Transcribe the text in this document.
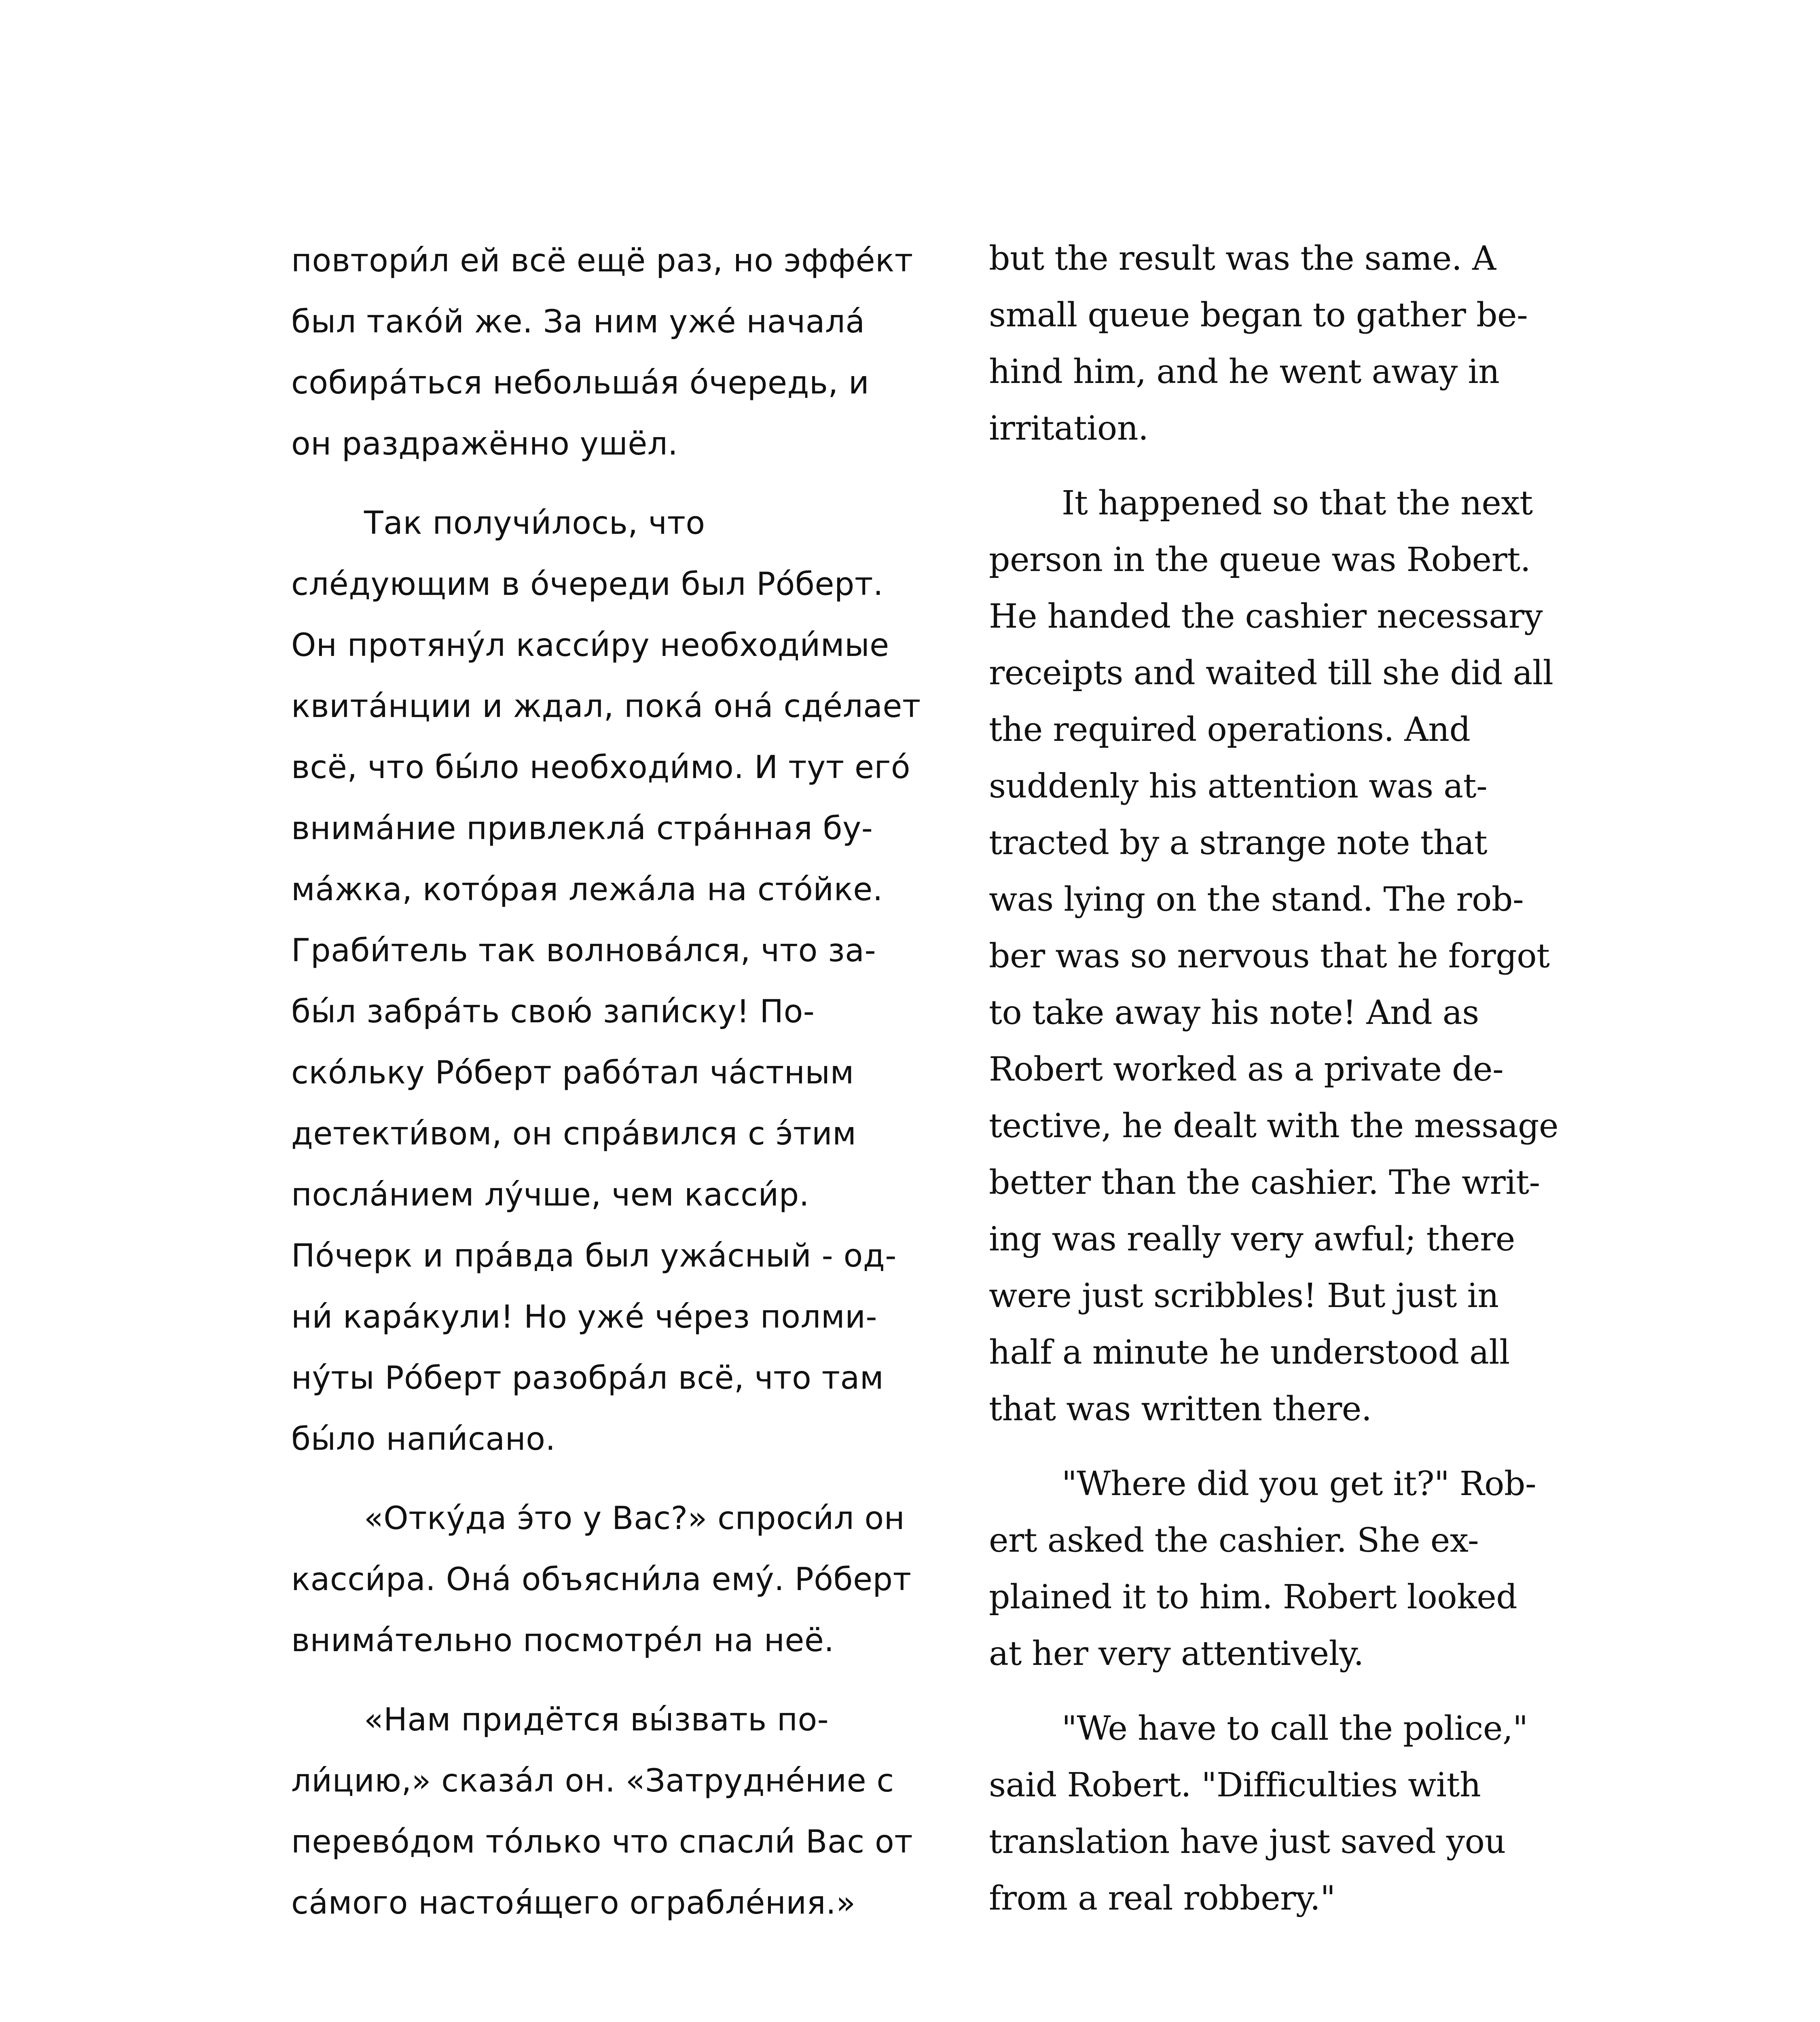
повтори́л ей всё ещё раз, но эффе́кт
был тако́й же. За ним уже́ начала́
собира́ться небольша́я о́чередь, и
он раздражённо ушёл.

Так получи́лось, что
сле́дующим в о́череди был Ро́берт.
Он протяну́л касси́ру необходи́мые
квита́нции и ждал, пока́ она́ сде́лает
всё, что бы́ло необходи́мо. И тут его́
внима́ние привлекла́ стра́нная бу-
ма́жка, кото́рая лежа́ла на сто́йке.
Граби́тель так волнова́лся, что за-
бы́л забра́ть свою́ запи́ску! По-
ско́льку Ро́берт рабо́тал ча́стным
детекти́вом, он спра́вился с э́тим
посла́нием лу́чше, чем касси́р.
По́черк и пра́вда был ужа́сный - од-
ни́ кара́кули! Но уже́ че́рез полми-
ну́ты Ро́берт разобра́л всё, что там
бы́ло напи́сано.

«Отку́да э́то у Вас?» спроси́л он
касси́ра. Она́ объясни́ла ему́. Ро́берт
внима́тельно посмотре́л на неё.

«Нам придётся вы́звать по-
ли́цию,» сказа́л он. «Затрудне́ние с
перево́дом то́лько что спасли́ Вас от
са́мого настоя́щего ограбле́ния.»

but the result was the same. A
small queue began to gather be-
hind him, and he went away in
irritation.

It happened so that the next
person in the queue was Robert.
He handed the cashier necessary
receipts and waited till she did all
the required operations. And
suddenly his attention was at-
tracted by a strange note that
was lying on the stand. The rob-
ber was so nervous that he forgot
to take away his note! And as
Robert worked as a private de-
tective, he dealt with the message
better than the cashier. The writ-
ing was really very awful; there
were just scribbles! But just in
half a minute he understood all
that was written there.

"Where did you get it?" Rob-
ert asked the cashier. She ex-
plained it to him. Robert looked
at her very attentively.

"We have to call the police,"
said Robert. "Difficulties with
translation have just saved you
from a real robbery."
